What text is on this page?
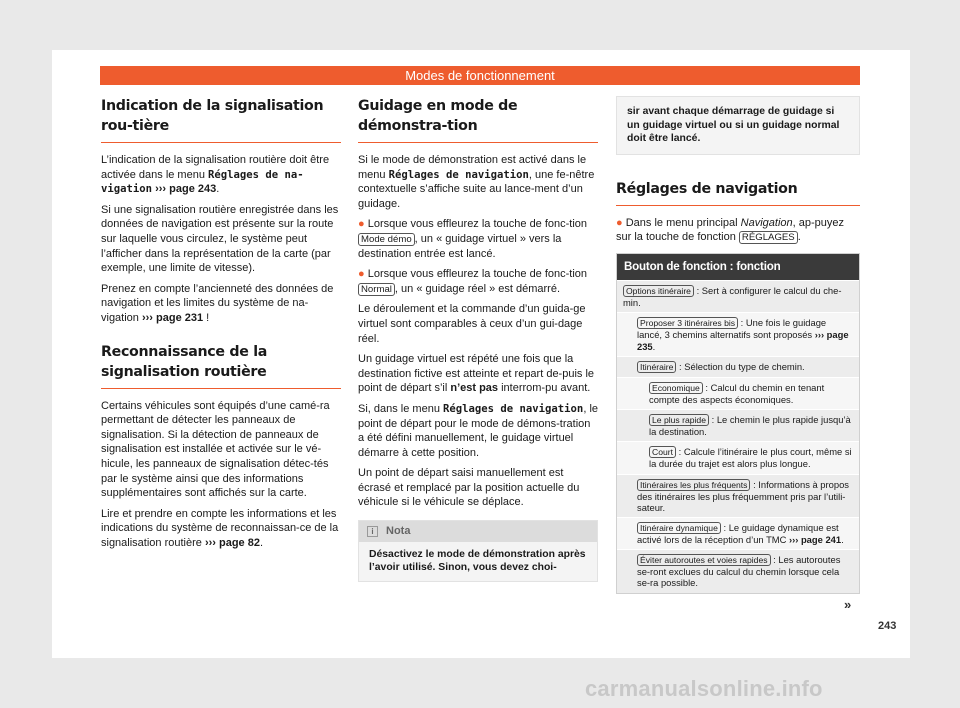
Modes de fonctionnement
Indication de la signalisation rou-tière

L’indication de la signalisation routière doit être activée dans le menu Réglages de na-vigation ››› page 243.

Si une signalisation routière enregistrée dans les données de navigation est présente sur la route sur laquelle vous circulez, le système peut l’afficher dans la représentation de la carte (par exemple, une limite de vitesse).

Prenez en compte l’ancienneté des données de navigation et les limites du système de na-vigation ››› page 231 !

Reconnaissance de la signalisation routière

Certains véhicules sont équipés d’une camé-ra permettant de détecter les panneaux de signalisation. Si la détection de panneaux de signalisation est installée et activée sur le vé-hicule, les panneaux de signalisation détec-tés par le système ainsi que des informations supplémentaires sont affichés sur la carte.

Lire et prendre en compte les informations et les indications du système de reconnaissan-ce de la signalisation routière ››› page 82.

Guidage en mode de démonstra-tion

Si le mode de démonstration est activé dans le menu Réglages de navigation, une fe-nêtre contextuelle s’affiche suite au lance-ment d’un guidage.

● Lorsque vous effleurez la touche de fonc-tion Mode démo , un « guidage virtuel » vers la destination entrée est lancé.

● Lorsque vous effleurez la touche de fonc-tion Normal , un « guidage réel » est démarré.

Le déroulement et la commande d’un guida-ge virtuel sont comparables à ceux d’un gui-dage réel.

Un guidage virtuel est répété une fois que la destination fictive est atteinte et repart de-puis le point de départ s’il n’est pas interrom-pu avant.

Si, dans le menu Réglages de navigation, le point de départ pour le mode de démons-tration a été défini manuellement, le guidage virtuel démarre à cette position.

Un point de départ saisi manuellement est écrasé et remplacé par la position actuelle du véhicule si le véhicule se déplace.

i Nota
Désactivez le mode de démonstration après l’avoir utilisé. Sinon, vous devez choi-
sir avant chaque démarrage de guidage si un guidage virtuel ou si un guidage normal doit être lancé.
Réglages de navigation

● Dans le menu principal Navigation, ap-puyez sur la touche de fonction RÉGLAGES .

Bouton de fonction : fonction
Options itinéraire : Sert à configurer le calcul du che-min.
Proposer 3 itinéraires bis : Une fois le guidage lancé, 3 chemins alternatifs sont proposés ››› page 235.
Itinéraire : Sélection du type de chemin.
Economique : Calcul du chemin en tenant compte des aspects économiques.
Le plus rapide : Le chemin le plus rapide jusqu’à la destination.
Court : Calcule l’itinéraire le plus court, même si la durée du trajet est alors plus longue.
Itinéraires les plus fréquents : Informations à propos des itinéraires les plus fréquemment pris par l’utili-sateur.
Itinéraire dynamique : Le guidage dynamique est activé lors de la réception d’un TMC ››› page 241.
Éviter autoroutes et voies rapides : Les autoroutes se-ront exclues du calcul du chemin lorsque cela se-ra possible.
»
243
carmanualsonline.info
